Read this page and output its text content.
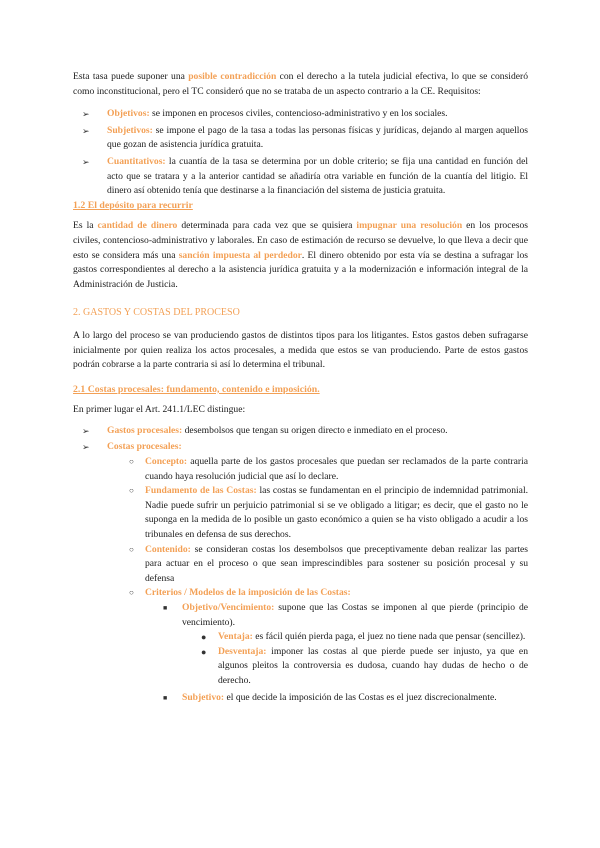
Esta tasa puede suponer una posible contradicción con el derecho a la tutela judicial efectiva, lo que se consideró como inconstitucional, pero el TC consideró que no se trataba de un aspecto contrario a la CE. Requisitos:

➢ Objetivos: se imponen en procesos civiles, contencioso-administrativo y en los sociales.
➢ Subjetivos: se impone el pago de la tasa a todas las personas físicas y jurídicas, dejando al margen aquellos que gozan de asistencia jurídica gratuita.
➢ Cuantitativos: la cuantía de la tasa se determina por un doble criterio; se fija una cantidad en función del acto que se tratara y a la anterior cantidad se añadiría otra variable en función de la cuantía del litigio. El dinero así obtenido tenía que destinarse a la financiación del sistema de justicia gratuita.
1.2 El depósito para recurrir

Es la cantidad de dinero determinada para cada vez que se quisiera impugnar una resolución en los procesos civiles, contencioso-administrativo y laborales. En caso de estimación de recurso se devuelve, lo que lleva a decir que esto se considera más una sanción impuesta al perdedor. El dinero obtenido por esta vía se destina a sufragar los gastos correspondientes al derecho a la asistencia jurídica gratuita y a la modernización e información integral de la Administración de Justicia.

2. GASTOS Y COSTAS DEL PROCESO

A lo largo del proceso se van produciendo gastos de distintos tipos para los litigantes. Estos gastos deben sufragarse inicialmente por quien realiza los actos procesales, a medida que estos se van produciendo. Parte de estos gastos podrán cobrarse a la parte contraria si así lo determina el tribunal.

2.1 Costas procesales: fundamento, contenido e imposición.

En primer lugar el Art. 241.1/LEC distingue:

➢ Gastos procesales: desembolsos que tengan su origen directo e inmediato en el proceso.
➢ Costas procesales:
○ Concepto: aquella parte de los gastos procesales que puedan ser reclamados de la parte contraria cuando haya resolución judicial que así lo declare.
○ Fundamento de las Costas: las costas se fundamentan en el principio de indemnidad patrimonial. Nadie puede sufrir un perjuicio patrimonial si se ve obligado a litigar; es decir, que el gasto no le suponga en la medida de lo posible un gasto económico a quien se ha visto obligado a acudir a los tribunales en defensa de sus derechos.
○ Contenido: se consideran costas los desembolsos que preceptivamente deban realizar las partes para actuar en el proceso o que sean imprescindibles para sostener su posición procesal y su defensa
○ Criterios / Modelos de la imposición de las Costas:
■ Objetivo/Vencimiento: supone que las Costas se imponen al que pierde (principio de vencimiento).
● Ventaja: es fácil quién pierda paga, el juez no tiene nada que pensar (sencillez).
● Desventaja: imponer las costas al que pierde puede ser injusto, ya que en algunos pleitos la controversia es dudosa, cuando hay dudas de hecho o de derecho.
■ Subjetivo: el que decide la imposición de las Costas es el juez discrecionalmente.
